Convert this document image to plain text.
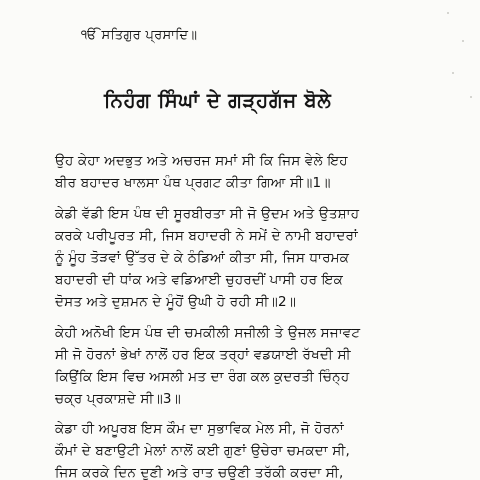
ੴ ਸਤਿਗੁਰ ਪ੍ਰਸਾਦਿ॥
ਨਿਹੰਗ ਸਿੰਘਾਂ ਦੇ ਗੜ੍ਹਗੱਜ ਬੋਲੇ
ਉਹ ਕੇਹਾ ਅਦਭੁਤ ਅਤੇ ਅਚਰਜ ਸਮਾਂ ਸੀ ਕਿ ਜਿਸ ਵੇਲੇ ਇਹ
ਬੀਰ ਬਹਾਦਰ ਖਾਲਸਾ ਪੰਥ ਪ੍ਰਗਟ ਕੀਤਾ ਗਿਆ ਸੀ॥1॥
ਕੇਡੀ ਵੱਡੀ ਇਸ ਪੰਥ ਦੀ ਸੂਰਬੀਰਤਾ ਸੀ ਜੋ ਉਦਮ ਅਤੇ ਉਤਸ਼ਾਹ
ਕਰਕੇ ਪਰੀਪੂਰਤ ਸੀ, ਜਿਸ ਬਹਾਦਰੀ ਨੇ ਸਮੇਂ ਦੇ ਨਾਮੀ ਬਹਾਦਰਾਂ
ਨੂੰ ਮੂੰਹ ਤੋੜਵਾਂ ਉੱਤਰ ਦੇ ਕੇ ਠੰਡਿਆਂ ਕੀਤਾ ਸੀ, ਜਿਸ ਧਾਰਮਕ
ਬਹਾਦਰੀ ਦੀ ਧਾਂਕ ਅਤੇ ਵਡਿਆਈ ਚੁਹਰਦੀਂ ਪਾਸੀ ਹਰ ਇਕ
ਦੋਸਤ ਅਤੇ ਦੁਸ਼ਮਨ ਦੇ ਮੂੰਹੋਂ ਉਘੀ ਹੋ ਰਹੀ ਸੀ॥2॥
ਕੇਹੀ ਅਨੋਖੀ ਇਸ ਪੰਥ ਦੀ ਚਮਕੀਲੀ ਸਜੀਲੀ ਤੇ ਉਜਲ ਸਜਾਵਟ
ਸੀ ਜੋ ਹੋਰਨਾਂ ਭੇਖਾਂ ਨਾਲੋਂ ਹਰ ਇਕ ਤਰ੍ਹਾਂ ਵਡਯਾਈ ਰੱਖਦੀ ਸੀ
ਕਿਉਂਕਿ ਇਸ ਵਿਚ ਅਸਲੀ ਮਤ ਦਾ ਰੰਗ ਕਲ ਕੁਦਰਤੀ ਚਿੰਨ੍ਹ
ਚਕ੍ਰ ਪ੍ਰਕਾਸ਼ਦੇ ਸੀ॥3॥
ਕੇਡਾ ਹੀ ਅਪੂਰਬ ਇਸ ਕੌਮ ਦਾ ਸੁਭਾਵਿਕ ਮੇਲ ਸੀ, ਜੋ ਹੋਰਨਾਂ
ਕੌਮਾਂ ਦੇ ਬਣਾਉਟੀ ਮੇਲਾਂ ਨਾਲੋਂ ਕਈ ਗੁਣਾਂ ਉਚੇਰਾ ਚਮਕਦਾ ਸੀ,
ਜਿਸ ਕਰਕੇ ਦਿਨ ਦੂਣੀ ਅਤੇ ਰਾਤ ਚਉਣੀ ਤਰੱਕੀ ਕਰਦਾ ਸੀ,
